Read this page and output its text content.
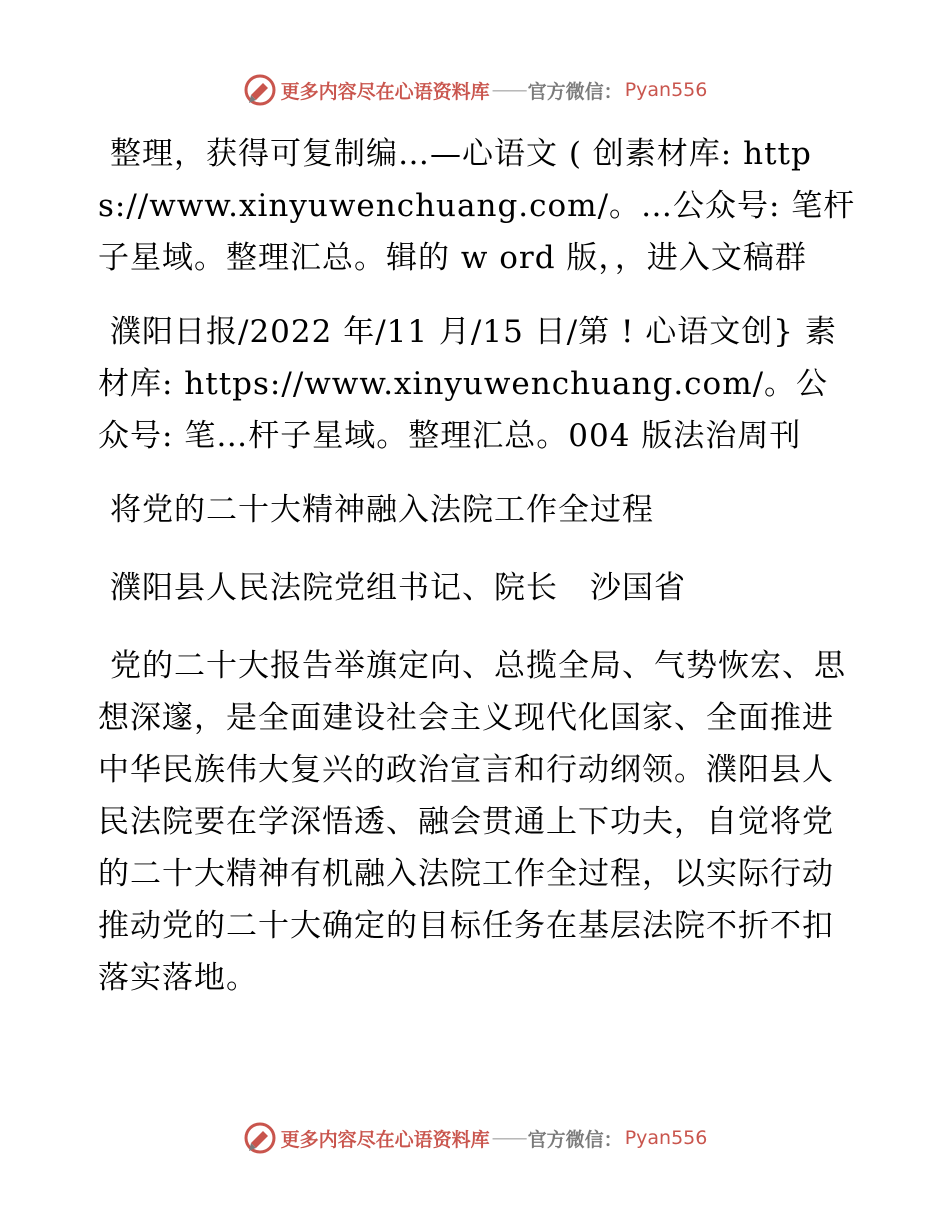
更多内容尽在心语资料库 —— 官方微信： Pyan556

整理，获得可复制编…—心语文 ( 创素材库: https://www.xinyuwenchuang.com/。…公众号: 笔杆子星域。整理汇总。辑的 w ord 版，，进入文稿群

濮阳日报/2022 年/11 月/15 日/第 ! 心语文创} 素材库: https://www.xinyuwenchuang.com/。公众号: 笔…杆子星域。整理汇总。004 版法治周刊

将党的二十大精神融入法院工作全过程

濮阳县人民法院党组书记、院长　沙国省

党的二十大报告举旗定向、总揽全局、气势恢宏、思想深邃，是全面建设社会主义现代化国家、全面推进中华民族伟大复兴的政治宣言和行动纲领。濮阳县人民法院要在学深悟透、融会贯通上下功夫，自觉将党的二十大精神有机融入法院工作全过程，以实际行动推动党的二十大确定的目标任务在基层法院不折不扣落实落地。

更多内容尽在心语资料库 —— 官方微信： Pyan556
